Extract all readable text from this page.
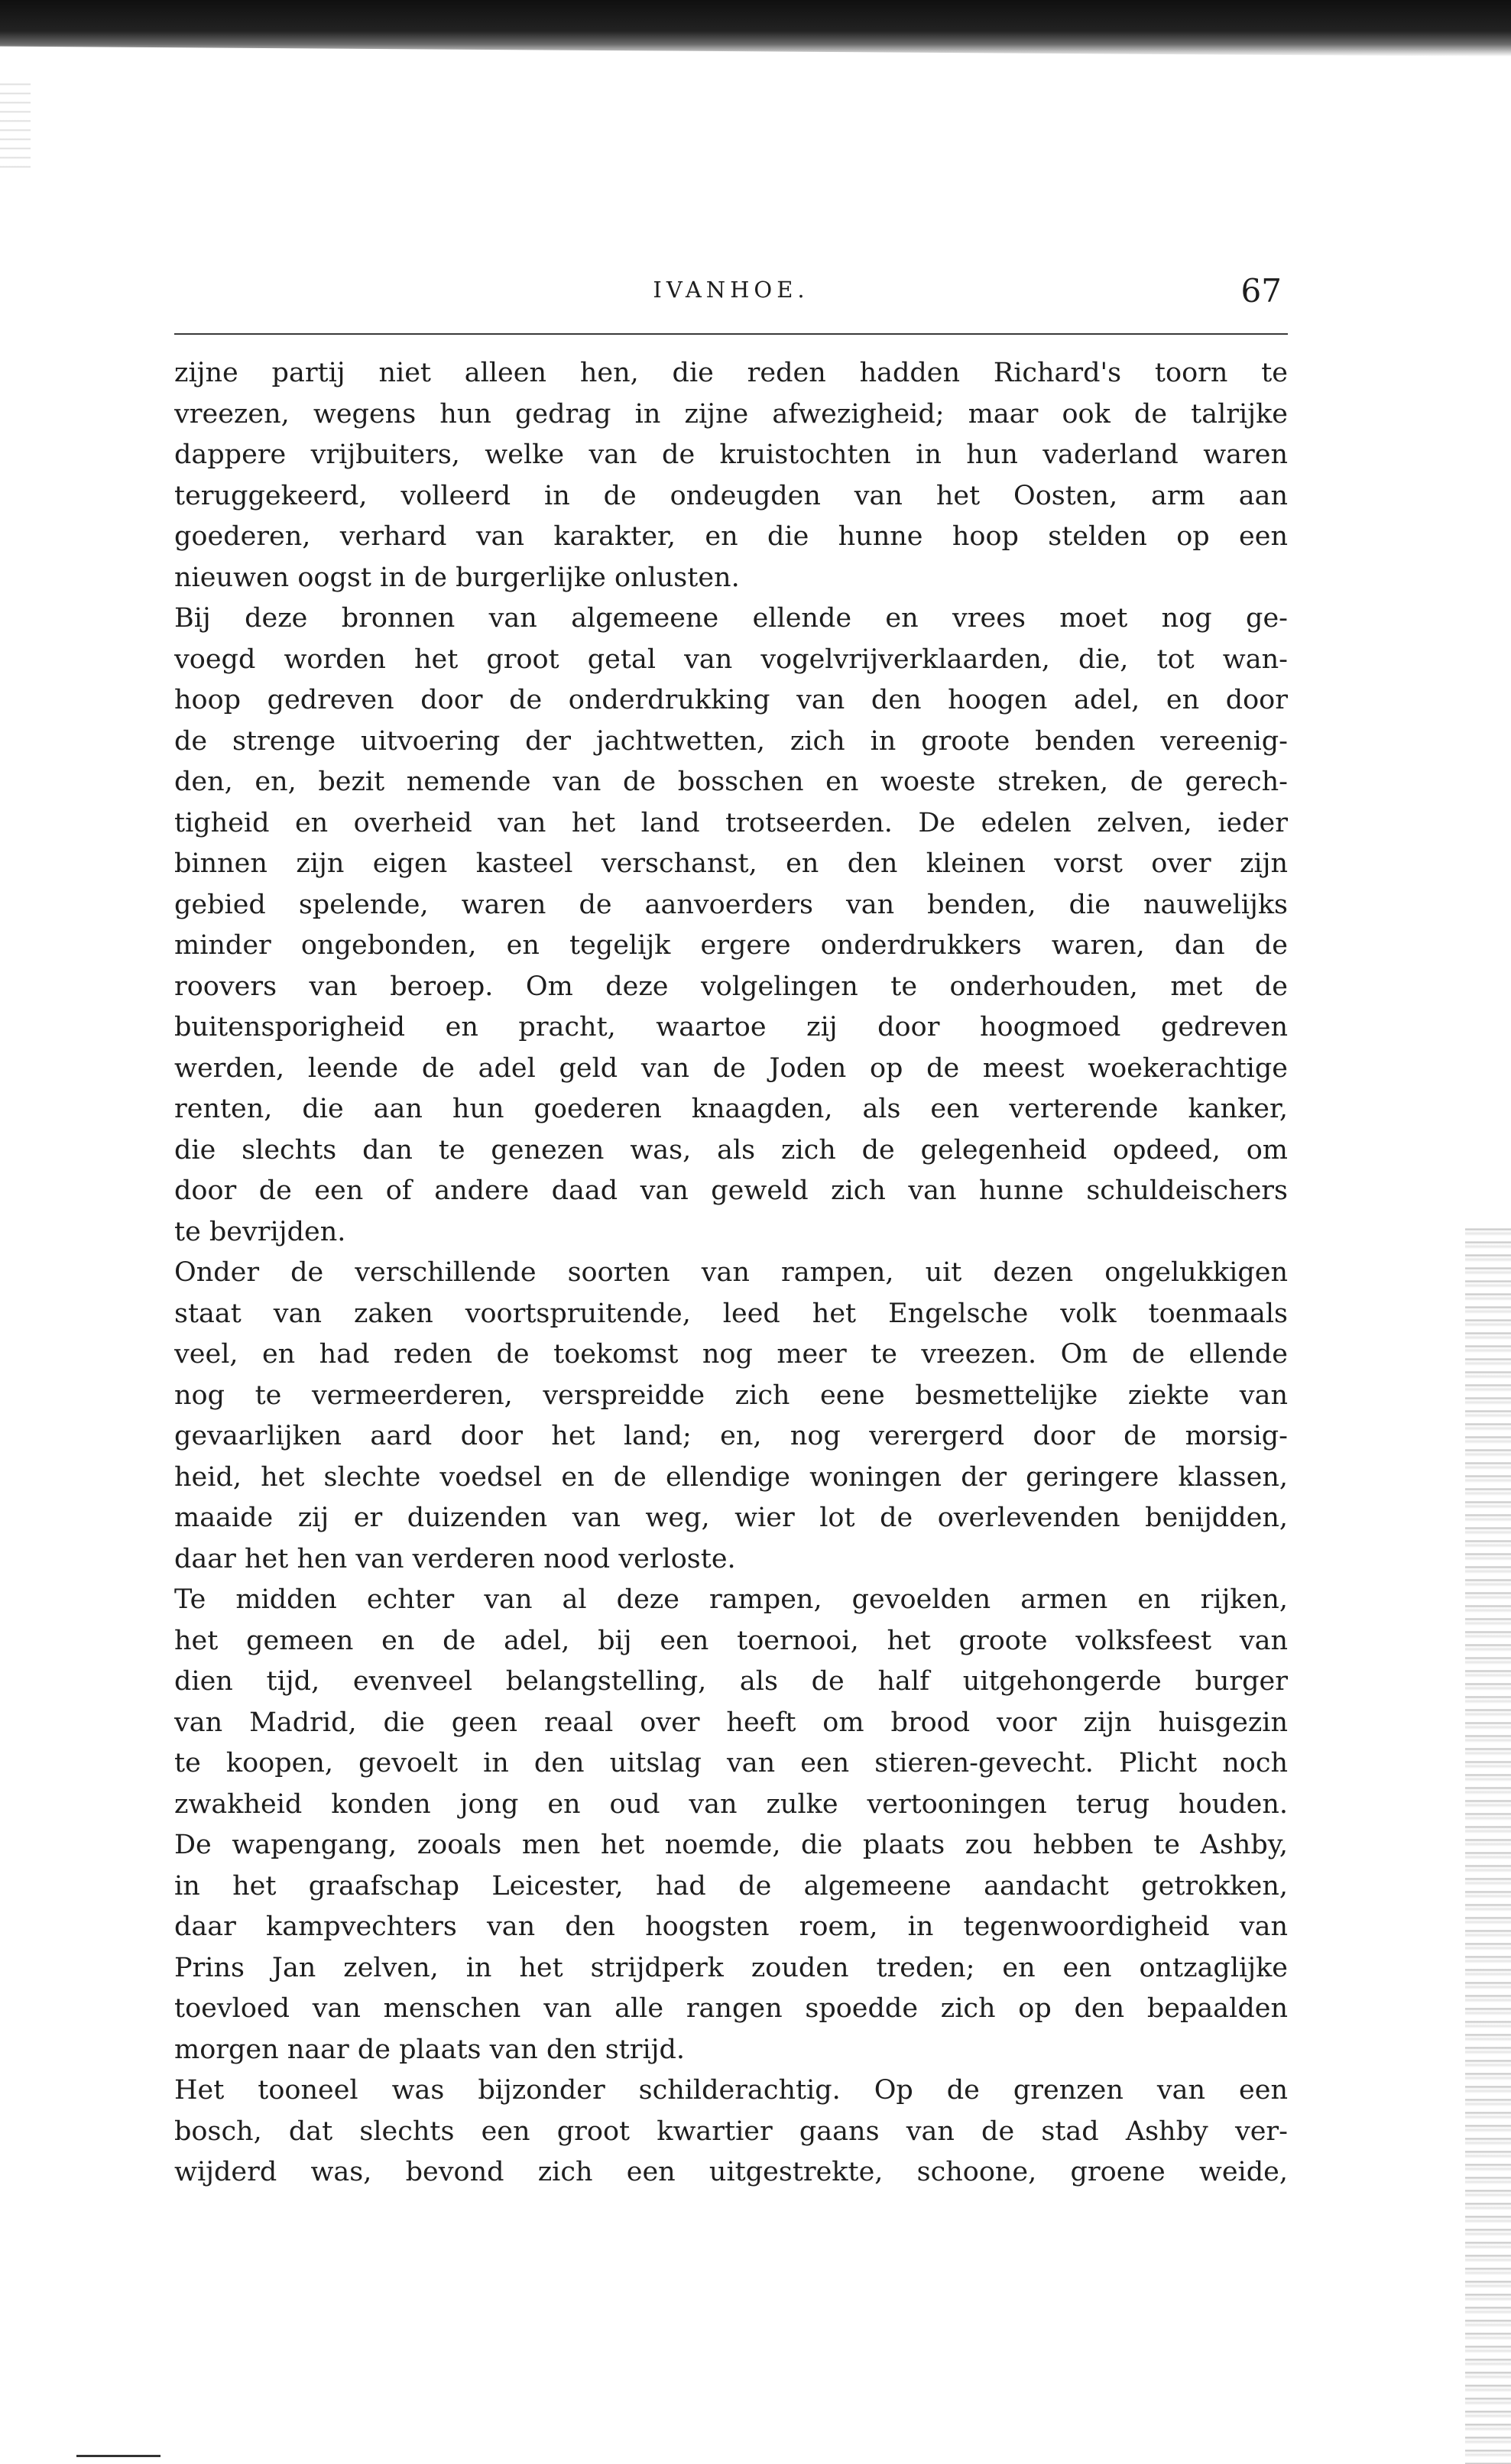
IVANHOE.	67
zijne partij niet alleen hen, die reden hadden Richard's toorn te
vreezen, wegens hun gedrag in zijne afwezigheid; maar ook de talrijke
dappere vrijbuiters, welke van de kruistochten in hun vaderland waren
teruggekeerd, volleerd in de ondeugden van het Oosten, arm aan
goederen, verhard van karakter, en die hunne hoop stelden op een
nieuwen oogst in de burgerlijke onlusten.
Bij deze bronnen van algemeene ellende en vrees moet nog ge-
voegd worden het groot getal van vogelvrijverklaarden, die, tot wan-
hoop gedreven door de onderdrukking van den hoogen adel, en door
de strenge uitvoering der jachtwetten, zich in groote benden vereenig-
den, en, bezit nemende van de bosschen en woeste streken, de gerech-
tigheid en overheid van het land trotseerden. De edelen zelven, ieder
binnen zijn eigen kasteel verschanst, en den kleinen vorst over zijn
gebied spelende, waren de aanvoerders van benden, die nauwelijks
minder ongebonden, en tegelijk ergere onderdrukkers waren, dan de
roovers van beroep. Om deze volgelingen te onderhouden, met de
buitensporigheid en pracht, waartoe zij door hoogmoed gedreven
werden, leende de adel geld van de Joden op de meest woekerachtige
renten, die aan hun goederen knaagden, als een verterende kanker,
die slechts dan te genezen was, als zich de gelegenheid opdeed, om
door de een of andere daad van geweld zich van hunne schuldeischers
te bevrijden.
Onder de verschillende soorten van rampen, uit dezen ongelukkigen
staat van zaken voortspruitende, leed het Engelsche volk toenmaals
veel, en had reden de toekomst nog meer te vreezen. Om de ellende
nog te vermeerderen, verspreidde zich eene besmettelijke ziekte van
gevaarlijken aard door het land; en, nog verergerd door de morsig-
heid, het slechte voedsel en de ellendige woningen der geringere klassen,
maaide zij er duizenden van weg, wier lot de overlevenden benijdden,
daar het hen van verderen nood verloste.
Te midden echter van al deze rampen, gevoelden armen en rijken,
het gemeen en de adel, bij een toernooi, het groote volksfeest van
dien tijd, evenveel belangstelling, als de half uitgehongerde burger
van Madrid, die geen reaal over heeft om brood voor zijn huisgezin
te koopen, gevoelt in den uitslag van een stieren-gevecht. Plicht noch
zwakheid konden jong en oud van zulke vertooningen terug houden.
De wapengang, zooals men het noemde, die plaats zou hebben te Ashby,
in het graafschap Leicester, had de algemeene aandacht getrokken,
daar kampvechters van den hoogsten roem, in tegenwoordigheid van
Prins Jan zelven, in het strijdperk zouden treden; en een ontzaglijke
toevloed van menschen van alle rangen spoedde zich op den bepaalden
morgen naar de plaats van den strijd.
Het tooneel was bijzonder schilderachtig. Op de grenzen van een
bosch, dat slechts een groot kwartier gaans van de stad Ashby ver-
wijderd was, bevond zich een uitgestrekte, schoone, groene weide,
